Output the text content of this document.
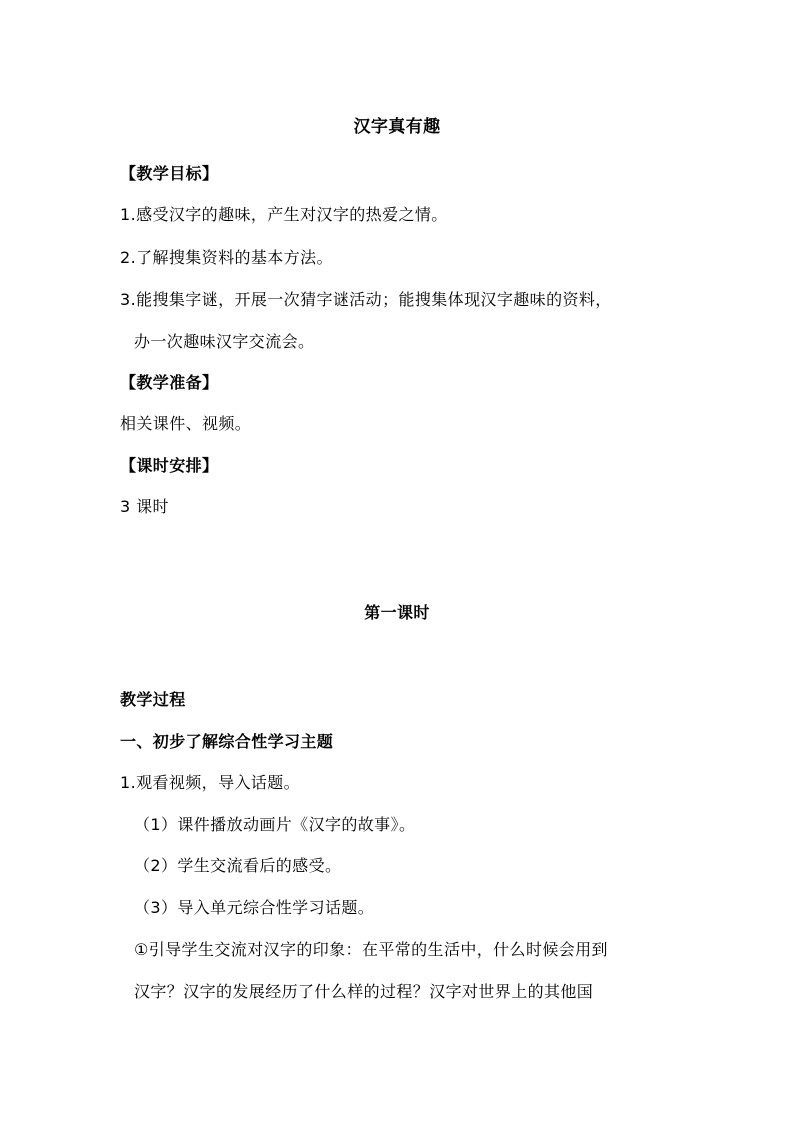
汉字真有趣
【教学目标】
1.感受汉字的趣味，产生对汉字的热爱之情。
2.了解搜集资料的基本方法。
3.能搜集字谜，开展一次猜字谜活动；能搜集体现汉字趣味的资料，
办一次趣味汉字交流会。
【教学准备】
相关课件、视频。
【课时安排】
3 课时
第一课时
教学过程
一、初步了解综合性学习主题
1.观看视频，导入话题。
（1）课件播放动画片《汉字的故事》。
（2）学生交流看后的感受。
（3）导入单元综合性学习话题。
①引导学生交流对汉字的印象：在平常的生活中，什么时候会用到
汉字？汉字的发展经历了什么样的过程？汉字对世界上的其他国
